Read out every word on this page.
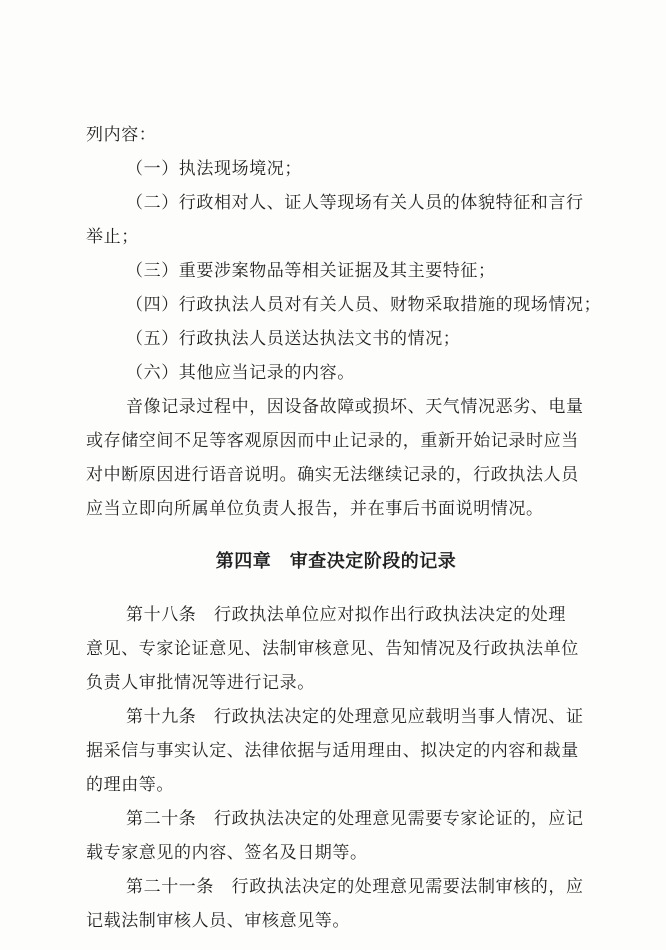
列内容：
（一）执法现场境况；
（二）行政相对人、证人等现场有关人员的体貌特征和言行
举止；
（三）重要涉案物品等相关证据及其主要特征；
（四）行政执法人员对有关人员、财物采取措施的现场情况；
（五）行政执法人员送达执法文书的情况；
（六）其他应当记录的内容。
音像记录过程中，因设备故障或损坏、天气情况恶劣、电量
或存储空间不足等客观原因而中止记录的，重新开始记录时应当
对中断原因进行语音说明。确实无法继续记录的，行政执法人员
应当立即向所属单位负责人报告，并在事后书面说明情况。
第四章　审查决定阶段的记录
第十八条　行政执法单位应对拟作出行政执法决定的处理
意见、专家论证意见、法制审核意见、告知情况及行政执法单位
负责人审批情况等进行记录。
第十九条　行政执法决定的处理意见应载明当事人情况、证
据采信与事实认定、法律依据与适用理由、拟决定的内容和裁量
的理由等。
第二十条　行政执法决定的处理意见需要专家论证的，应记
载专家意见的内容、签名及日期等。
第二十一条　行政执法决定的处理意见需要法制审核的，应
记载法制审核人员、审核意见等。
